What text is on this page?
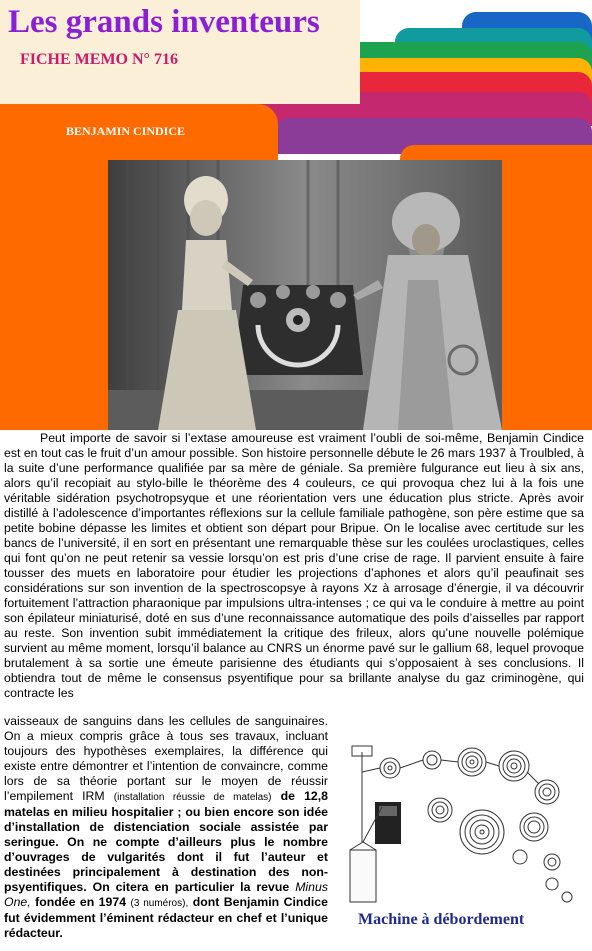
Les grands inventeurs
FICHE MEMO N° 716
BENJAMIN CINDICE

Peut importe de savoir si l’extase amoureuse est vraiment l’oubli de soi-même, Benjamin Cindice est en tout cas le fruit d’un amour possible. Son histoire personnelle débute le 26 mars 1937 à Troulbled, à la suite d’une performance qualifiée par sa mère de géniale. Sa première fulgurance eut lieu à six ans, alors qu’il recopiait au stylo-bille le théorème des 4 couleurs, ce qui provoqua chez lui à la fois une véritable sidération psychotropsyque et une réorientation vers une éducation plus stricte. Après avoir distillé à l’adolescence d’importantes réflexions sur la cellule familiale pathogène, son père estime que sa petite bobine dépasse les limites et obtient son départ pour Bripue. On le localise avec certitude sur les bancs de l’université, il en sort en présentant une remarquable thèse sur les coulées uroclastiques, celles qui font qu’on ne peut retenir sa vessie lorsqu’on est pris d’une crise de rage. Il parvient ensuite à faire tousser des muets en laboratoire pour étudier les projections d’aphones et alors qu’il peaufinait ses considérations sur son invention de la spectroscopsye à rayons Xz à arrosage d’énergie, il va découvrir fortuitement l’attraction pharaonique par impulsions ultra-intenses ; ce qui va le conduire à mettre au point son épilateur miniaturisé, doté en sus d’une reconnaissance automatique des poils d’aisselles par rapport au reste. Son invention subit immédiatement la critique des frileux, alors qu’une nouvelle polémique survient au même moment, lorsqu’il balance au CNRS un énorme pavé sur le gallium 68, lequel provoque brutalement à sa sortie une émeute parisienne des étudiants qui s’opposaient à ses conclusions. Il obtiendra tout de même le consensus psyentifique pour sa brillante analyse du gaz criminogène, qui contracte les

vaisseaux de sanguins dans les cellules de sanguinaires. On a mieux compris grâce à tous ses travaux, incluant toujours des hypothèses exemplaires, la différence qui existe entre démontrer et l’intention de convaincre, comme lors de sa théorie portant sur le moyen de réussir l’empilement IRM (installation réussie de matelas) de 12,8 matelas en milieu hospitalier ; ou bien encore son idée d’installation de distenciation sociale assistée par seringue. On ne compte d’ailleurs plus le nombre d’ouvrages de vulgarités dont il fut l’auteur et destinées principalement à destination des non-psyentifiques. On citera en particulier la revue Minus One, fondée en 1974 (3 numéros), dont Benjamin Cindice fut évidemment l’éminent rédacteur en chef et l’unique rédacteur.

Machine à débordement
